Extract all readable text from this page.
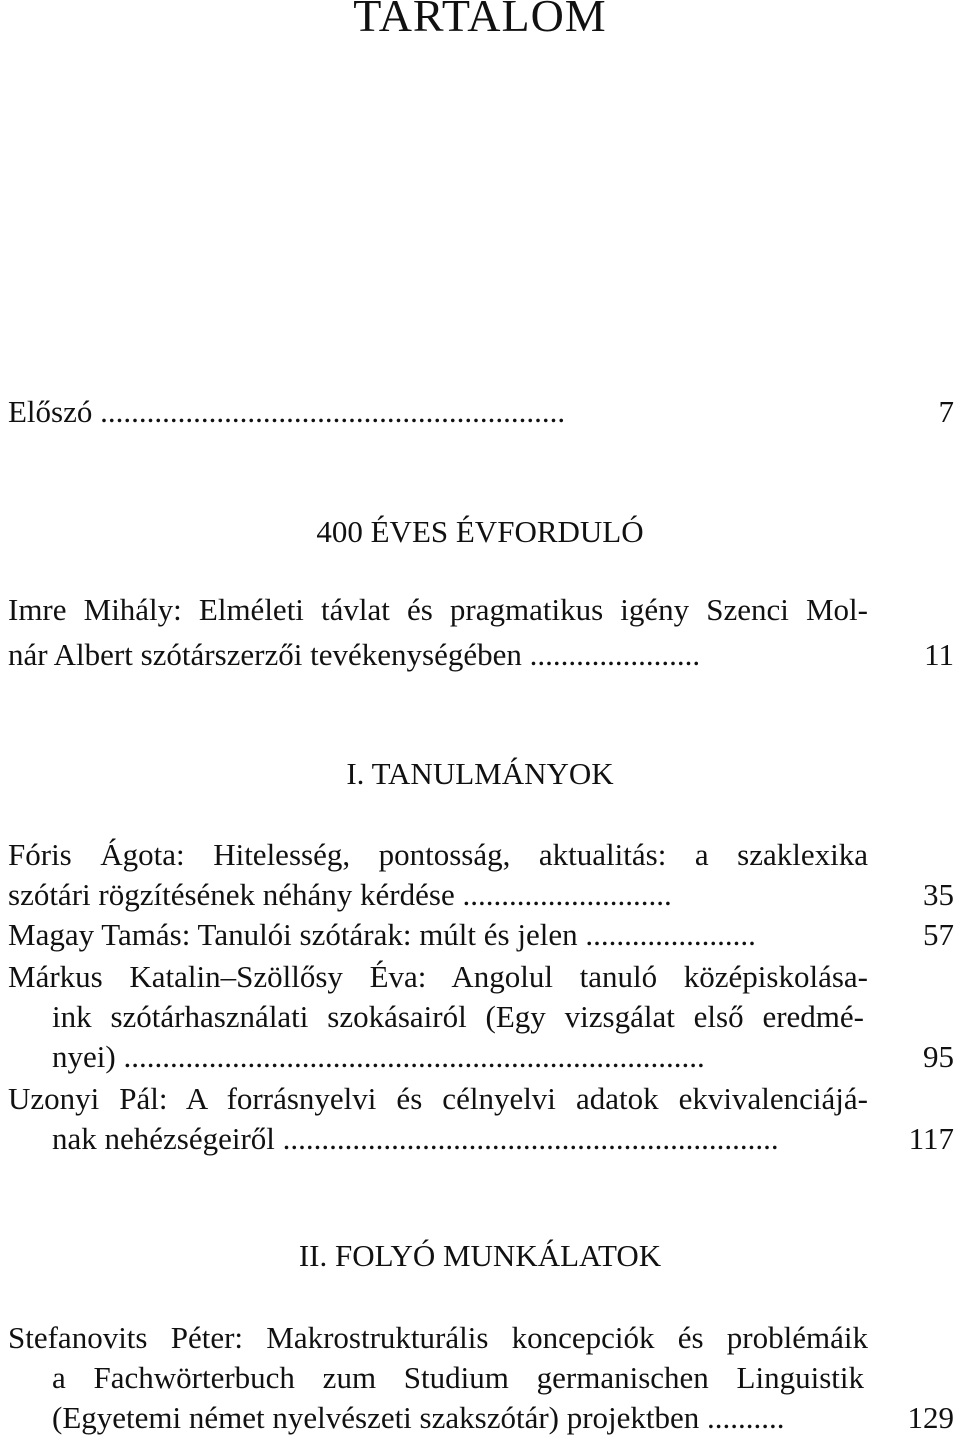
TARTALOM
Előszó ............................................................	7
400 ÉVES ÉVFORDULÓ
Imre Mihály: Elméleti távlat és pragmatikus igény Szenci Mol-
nár Albert szótárszerzői tevékenységében ......................	11
I. TANULMÁNYOK
Fóris Ágota: Hitelesség, pontosság, aktualitás: a szaklexika
szótári rögzítésének néhány kérdése ...........................	35
Magay Tamás: Tanulói szótárak: múlt és jelen ......................	57
Márkus Katalin–Szöllősy Éva: Angolul tanuló középiskolása-
ink szótárhasználati szokásairól (Egy vizsgálat első eredmé-
nyei) ...........................................................................	95
Uzonyi Pál: A forrásnyelvi és célnyelvi adatok ekvivalenciájá-
nak nehézségeiről ................................................................	117
II. FOLYÓ MUNKÁLATOK
Stefanovits Péter: Makrostrukturális koncepciók és problémáik
a Fachwörterbuch zum Studium germanischen Linguistik
(Egyetemi német nyelvészeti szakszótár) projektben ..........	129
